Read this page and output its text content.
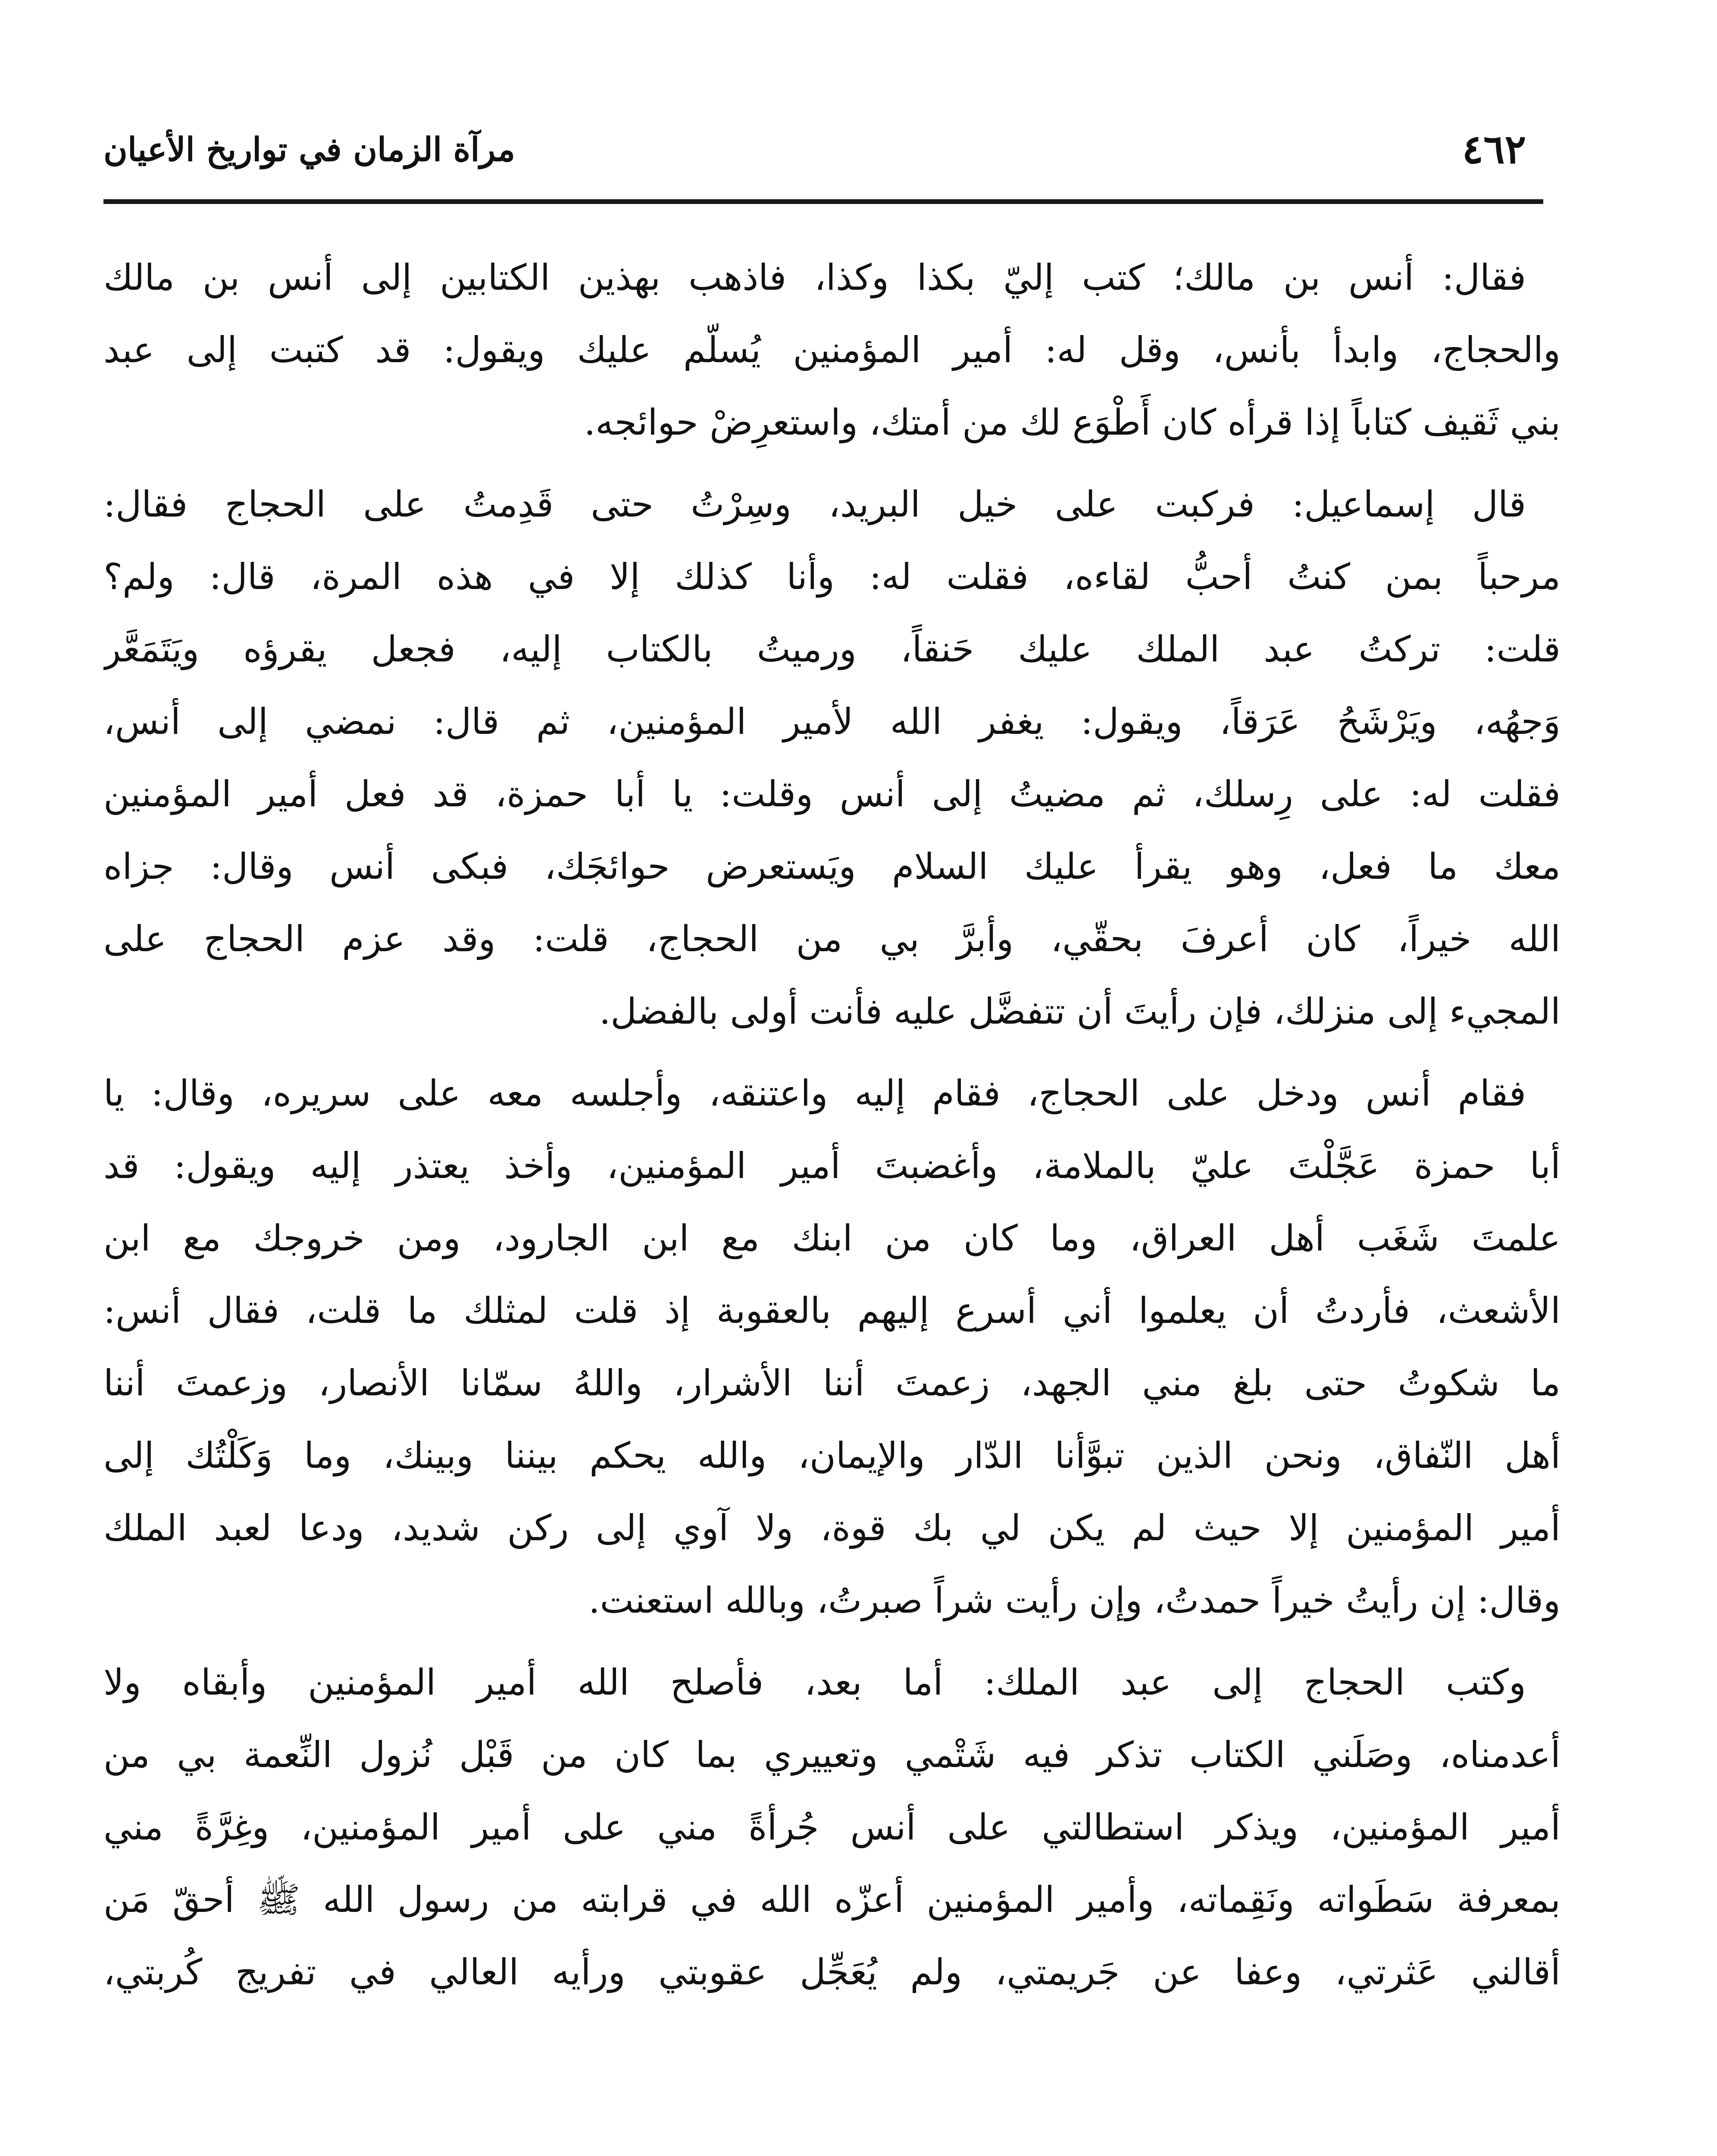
٤٦٢
مرآة الزمان في تواريخ الأعيان
فقال: أنس بن مالك؛ كتب إليّ بكذا وكذا، فاذهب بهذين الكتابين إلى أنس بن مالك
والحجاج، وابدأ بأنس، وقل له: أمير المؤمنين يُسلّم عليك ويقول: قد كتبت إلى عبد
بني ثَقيف كتاباً إذا قرأه كان أَطْوَع لك من أمتك، واستعرِضْ حوائجه.
قال إسماعيل: فركبت على خيل البريد، وسِرْتُ حتى قَدِمتُ على الحجاج فقال:
مرحباً بمن كنتُ أحبُّ لقاءه، فقلت له: وأنا كذلك إلا في هذه المرة، قال: ولم؟
قلت: تركتُ عبد الملك عليك حَنقاً، ورميتُ بالكتاب إليه، فجعل يقرؤه ويَتَمَعَّر
وَجهُه، ويَرْشَحُ عَرَقاً، ويقول: يغفر الله لأمير المؤمنين، ثم قال: نمضي إلى أنس،
فقلت له: على رِسلك، ثم مضيتُ إلى أنس وقلت: يا أبا حمزة، قد فعل أمير المؤمنين
معك ما فعل، وهو يقرأ عليك السلام ويَستعرض حوائجَك، فبكى أنس وقال: جزاه
الله خيراً، كان أعرفَ بحقّي، وأبرَّ بي من الحجاج، قلت: وقد عزم الحجاج على
المجيء إلى منزلك، فإن رأيتَ أن تتفضَّل عليه فأنت أولى بالفضل.
فقام أنس ودخل على الحجاج، فقام إليه واعتنقه، وأجلسه معه على سريره، وقال: يا
أبا حمزة عَجَّلْتَ عليّ بالملامة، وأغضبتَ أمير المؤمنين، وأخذ يعتذر إليه ويقول: قد
علمتَ شَغَب أهل العراق، وما كان من ابنك مع ابن الجارود، ومن خروجك مع ابن
الأشعث، فأردتُ أن يعلموا أني أسرع إليهم بالعقوبة إذ قلت لمثلك ما قلت، فقال أنس:
ما شكوتُ حتى بلغ مني الجهد، زعمتَ أننا الأشرار، واللهُ سمّانا الأنصار، وزعمتَ أننا
أهل النّفاق، ونحن الذين تبوَّأنا الدّار والإيمان، والله يحكم بيننا وبينك، وما وَكَلْتُك إلى
أمير المؤمنين إلا حيث لم يكن لي بك قوة، ولا آوي إلى ركن شديد، ودعا لعبد الملك
وقال: إن رأيتُ خيراً حمدتُ، وإن رأيت شراً صبرتُ، وبالله استعنت.
وكتب الحجاج إلى عبد الملك: أما بعد، فأصلح الله أمير المؤمنين وأبقاه ولا
أعدمناه، وصَلَني الكتاب تذكر فيه شَتْمي وتعييري بما كان من قَبْل نُزول النِّعمة بي من
أمير المؤمنين، ويذكر استطالتي على أنس جُرأةً مني على أمير المؤمنين، وغِرَّةً مني
بمعرفة سَطَواته ونَقِماته، وأمير المؤمنين أعزّه الله في قرابته من رسول الله ﷺ أحقّ مَن
أقالني عَثرتي، وعفا عن جَريمتي، ولم يُعَجِّل عقوبتي ورأيه العالي في تفريج كُربتي،
